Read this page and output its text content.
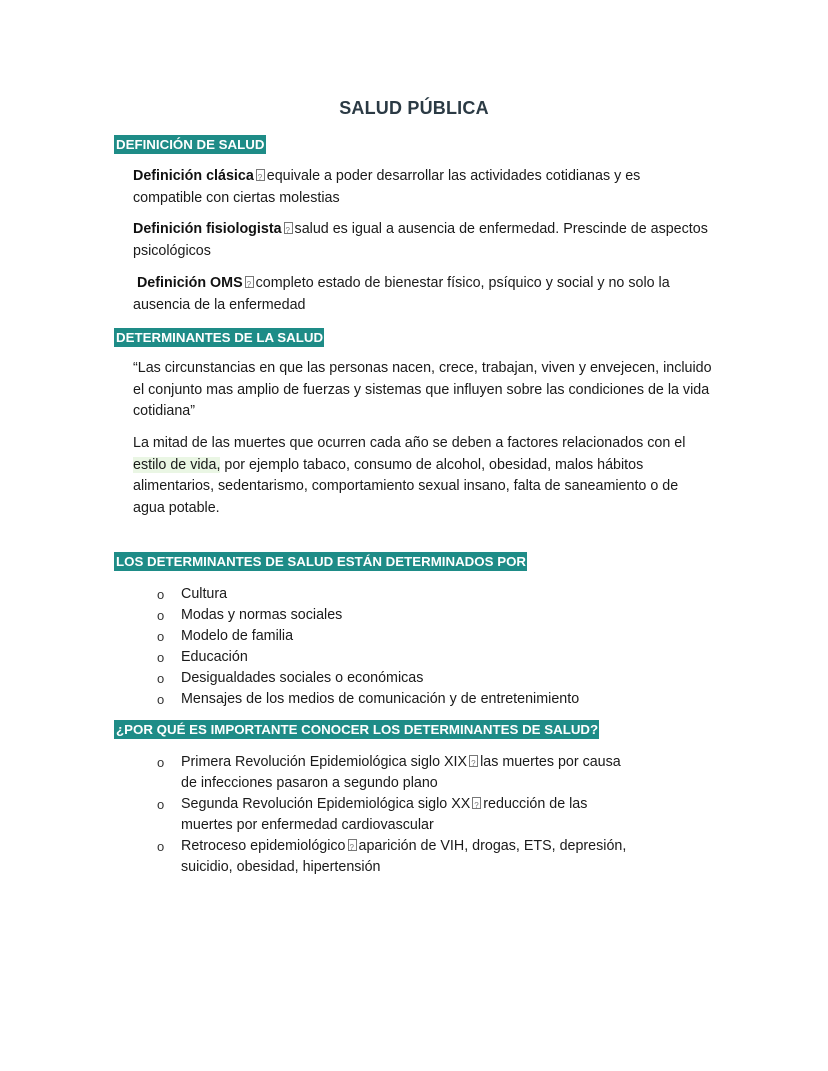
SALUD PÚBLICA
DEFINICIÓN DE SALUD
Definición clásica ? equivale a poder desarrollar las actividades cotidianas y es compatible con ciertas molestias
Definición fisiologista ? salud es igual a ausencia de enfermedad. Prescinde de aspectos psicológicos
Definición OMS ? completo estado de bienestar físico, psíquico y social y no solo la ausencia de la enfermedad
DETERMINANTES DE LA SALUD
“Las circunstancias en que las personas nacen, crece, trabajan, viven y envejecen, incluido el conjunto mas amplio de fuerzas y sistemas que influyen sobre las condiciones de la vida cotidiana”
La mitad de las muertes que ocurren cada año se deben a factores relacionados con el estilo de vida, por ejemplo tabaco, consumo de alcohol, obesidad, malos hábitos
alimentarios, sedentarismo, comportamiento sexual insano, falta de saneamiento o de agua potable.
LOS DETERMINANTES DE SALUD ESTÁN DETERMINADOS POR
o Cultura
o Modas y normas sociales
o Modelo de familia
o Educación
o Desigualdades sociales o económicas
o Mensajes de los medios de comunicación y de entretenimiento
¿POR QUÉ ES IMPORTANTE CONOCER LOS DETERMINANTES DE SALUD?
o Primera Revolución Epidemiológica siglo XIX ? las muertes por causa de infecciones pasaron a segundo plano
o Segunda Revolución Epidemiológica siglo XX ? reducción de las muertes por enfermedad cardiovascular
o Retroceso epidemiológico ? aparición de VIH, drogas, ETS, depresión, suicidio, obesidad, hipertensión
